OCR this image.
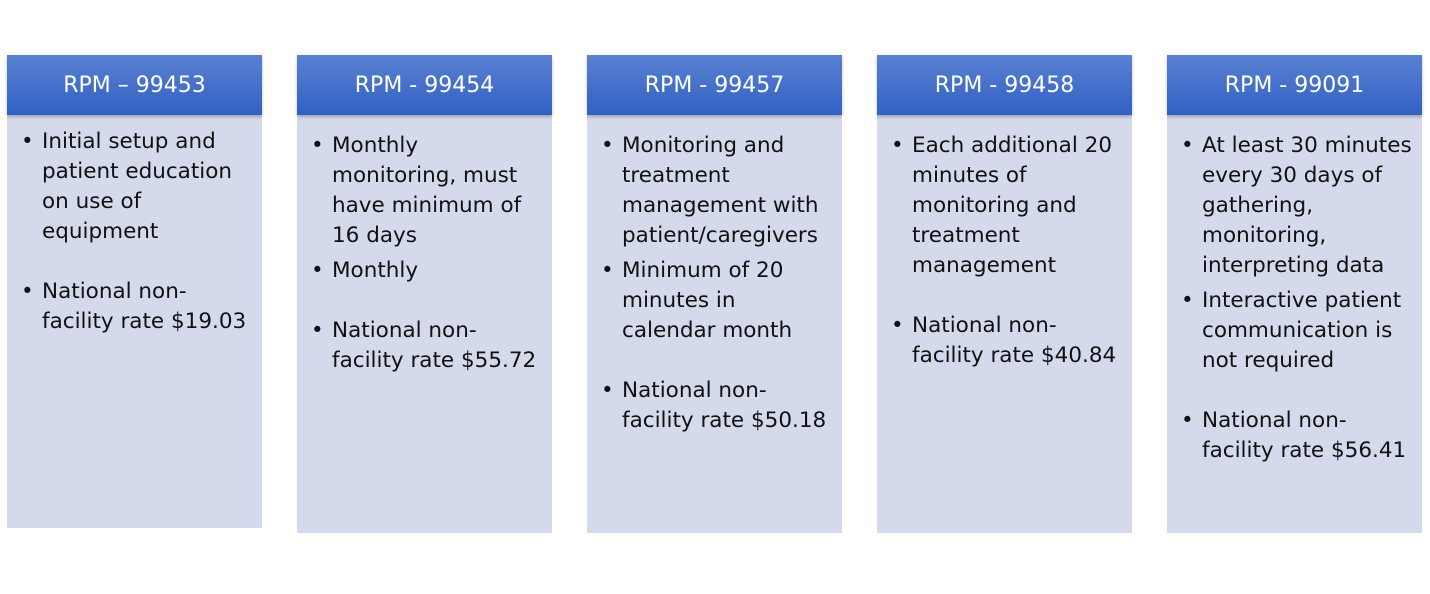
RPM – 99453
• Initial setup and patient education on use of equipment
• National non-facility rate $19.03
RPM - 99454
• Monthly monitoring, must have minimum of 16 days
• Monthly
• National non-facility rate $55.72
RPM - 99457
• Monitoring and treatment management with patient/caregivers
• Minimum of 20 minutes in calendar month
• National non-facility rate $50.18
RPM - 99458
• Each additional 20 minutes of monitoring and treatment management
• National non-facility rate $40.84
RPM - 99091
• At least 30 minutes every 30 days of gathering, monitoring, interpreting data
• Interactive patient communication is not required
• National non-facility rate $56.41
